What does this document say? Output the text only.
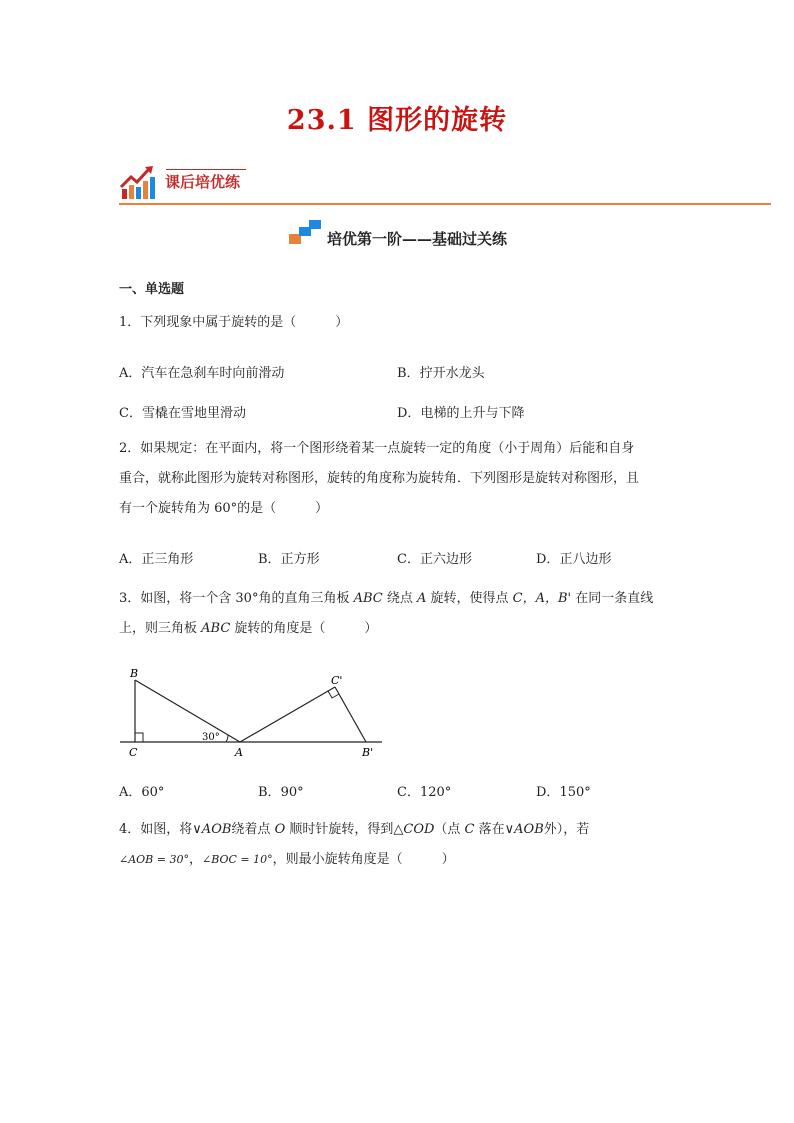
23.1 图形的旋转
课后培优练
培优第一阶——基础过关练
一、单选题
1．下列现象中属于旋转的是（　　　）
A．汽车在急刹车时向前滑动	B．拧开水龙头
C．雪橇在雪地里滑动	D．电梯的上升与下降
2．如果规定：在平面内，将一个图形绕着某一点旋转一定的角度（小于周角）后能和自身
重合，就称此图形为旋转对称图形，旋转的角度称为旋转角．下列图形是旋转对称图形，且
有一个旋转角为 60°的是（　　　）
A．正三角形	B．正方形	C．正六边形	D．正八边形
3．如图，将一个含 30°角的直角三角板 ABC 绕点 A 旋转，使得点 C，A，B' 在同一条直线
上，则三角板 ABC 旋转的角度是（　　　）
B
C	A
C'
B'
30°
A．60°	B．90°	C．120°	D．150°
4．如图，将∨AOB绕着点 O 顺时针旋转，得到△COD（点 C 落在∨AOB外），若
∠AOB = 30°，∠BOC = 10°，则最小旋转角度是（　　　）
